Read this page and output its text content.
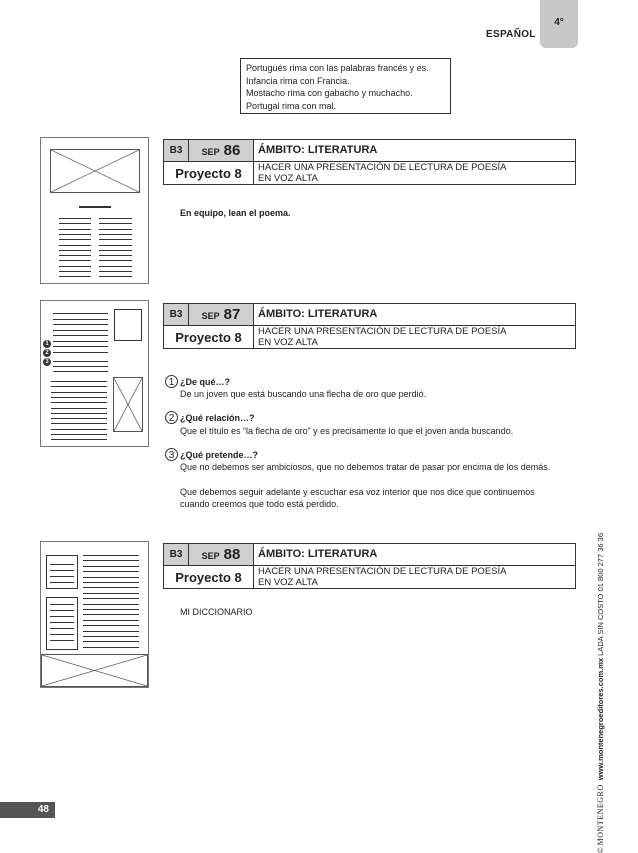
ESPAÑOL
4°
Portugués rima con las palabras francés y es.
Infancia rima con Francia.
Mostacho rima con gabacho y muchacho.
Portugal rima con mal.
1
2
3
B3	SEP 86	ÁMBITO: LITERATURA
Proyecto 8	HACER UNA PRESENTACIÓN DE LECTURA DE POESÍA
EN VOZ ALTA
En equipo, lean el poema.
B3	SEP 87	ÁMBITO: LITERATURA
Proyecto 8	HACER UNA PRESENTACIÓN DE LECTURA DE POESÍA
EN VOZ ALTA
1 ¿De qué…?
De un joven que está buscando una flecha de oro que perdió.
2 ¿Qué relación…?
Que el título es “la flecha de oro” y es precisamente lo que el joven anda buscando.
3 ¿Qué pretende…?
Que no debemos ser ambiciosos, que no debemos tratar de pasar por encima de los demás.
Que debemos seguir adelante y escuchar esa voz interior que nos dice que continuemos
cuando creemos que todo está perdido.
B3	SEP 88	ÁMBITO: LITERATURA
Proyecto 8	HACER UNA PRESENTACIÓN DE LECTURA DE POESÍA
EN VOZ ALTA
MI DICCIONARIO
© MONTENEGRO  www.montenegroeditores.com.mx LADA SIN COSTO 01 800 277 36 36
48
